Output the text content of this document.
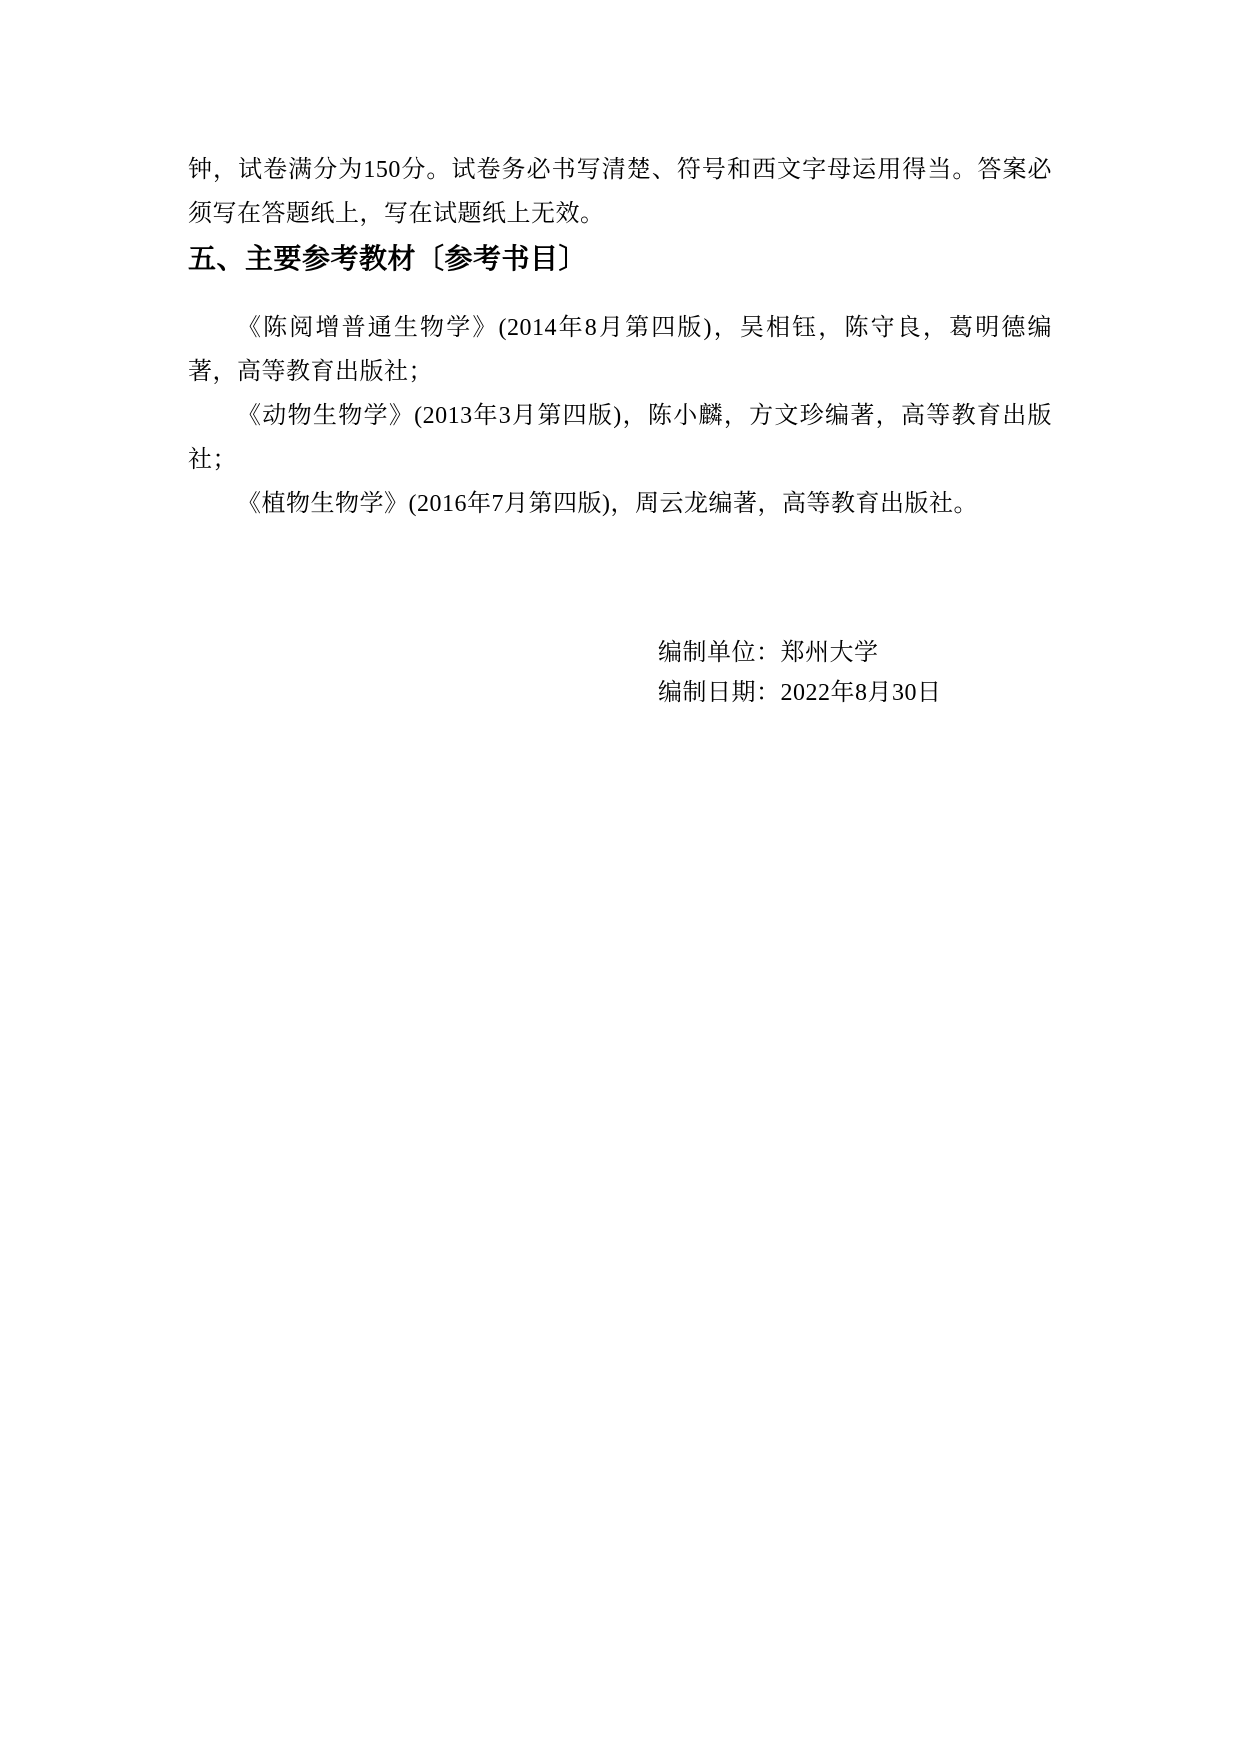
钟，试卷满分为150分。试卷务必书写清楚、符号和西文字母运用得当。答案必
须写在答题纸上，写在试题纸上无效。
五、主要参考教材〔参考书目〕
《陈阅增普通生物学》(2014年8月第四版)，吴相钰，陈守良，葛明德编
著，高等教育出版社；
《动物生物学》(2013年3月第四版)，陈小麟，方文珍编著，高等教育出版
社；
《植物生物学》(2016年7月第四版)，周云龙编著，高等教育出版社。
编制单位：郑州大学
编制日期：2022年8月30日
